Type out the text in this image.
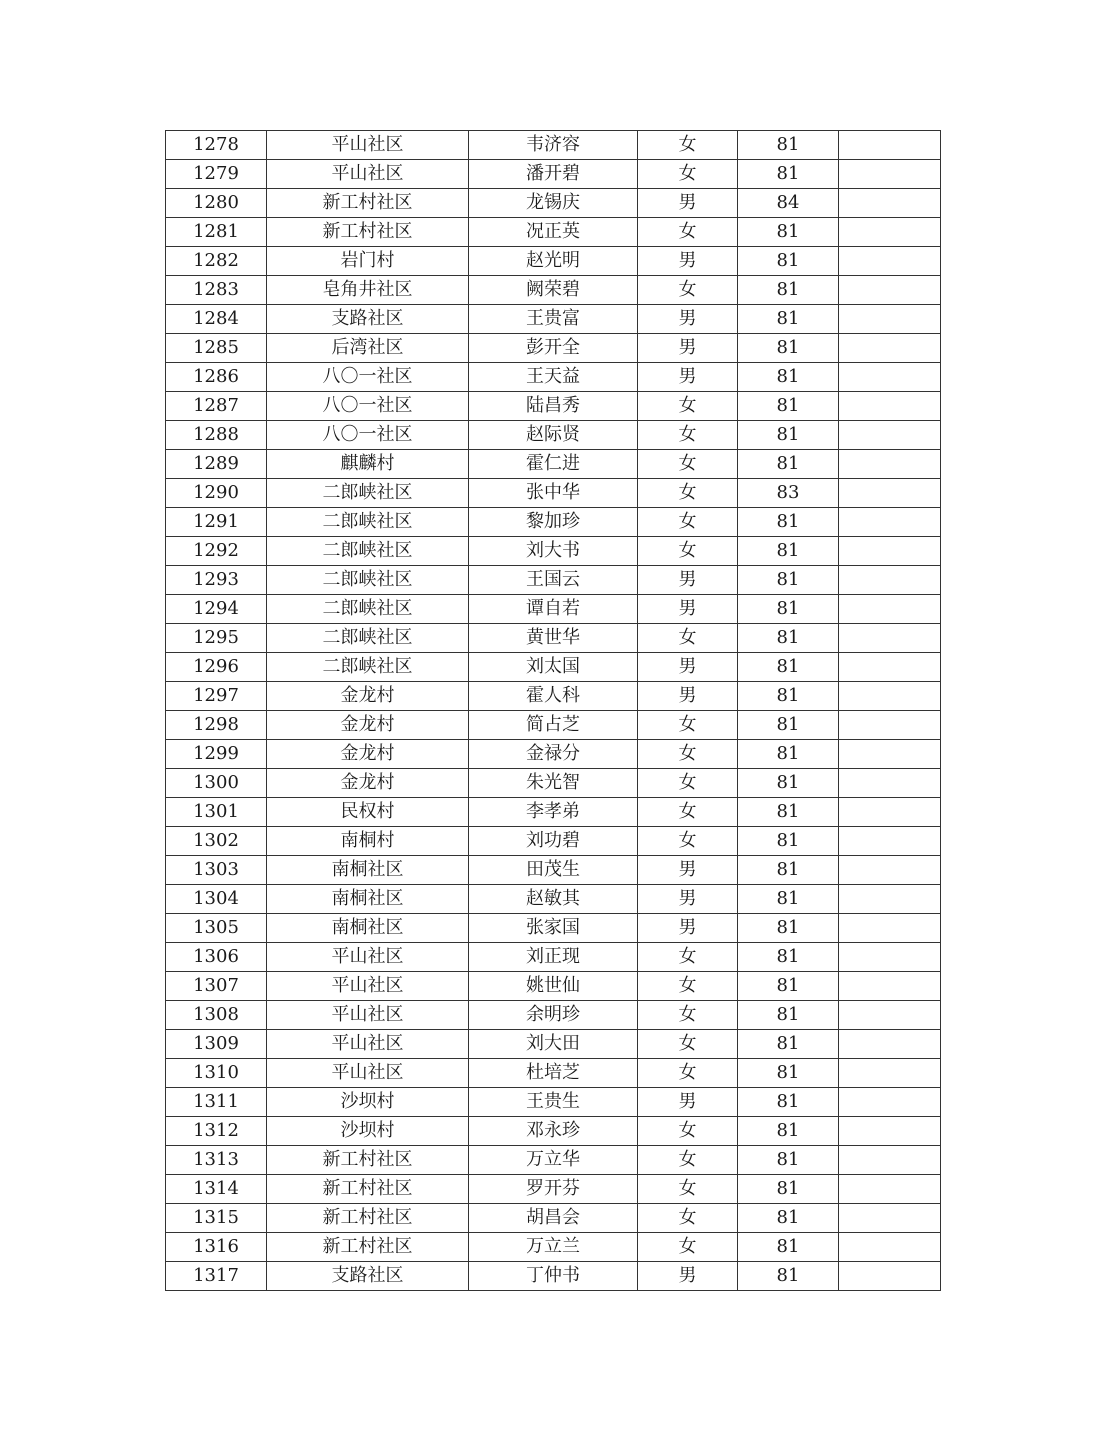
1278	平山社区	韦济容	女	81	
1279	平山社区	潘开碧	女	81	
1280	新工村社区	龙锡庆	男	84	
1281	新工村社区	况正英	女	81	
1282	岩门村	赵光明	男	81	
1283	皂角井社区	阙荣碧	女	81	
1284	支路社区	王贵富	男	81	
1285	后湾社区	彭开全	男	81	
1286	八〇一社区	王天益	男	81	
1287	八〇一社区	陆昌秀	女	81	
1288	八〇一社区	赵际贤	女	81	
1289	麒麟村	霍仁进	女	81	
1290	二郎峡社区	张中华	女	83	
1291	二郎峡社区	黎加珍	女	81	
1292	二郎峡社区	刘大书	女	81	
1293	二郎峡社区	王国云	男	81	
1294	二郎峡社区	谭自若	男	81	
1295	二郎峡社区	黄世华	女	81	
1296	二郎峡社区	刘太国	男	81	
1297	金龙村	霍人科	男	81	
1298	金龙村	简占芝	女	81	
1299	金龙村	金禄分	女	81	
1300	金龙村	朱光智	女	81	
1301	民权村	李孝弟	女	81	
1302	南桐村	刘功碧	女	81	
1303	南桐社区	田茂生	男	81	
1304	南桐社区	赵敏其	男	81	
1305	南桐社区	张家国	男	81	
1306	平山社区	刘正现	女	81	
1307	平山社区	姚世仙	女	81	
1308	平山社区	余明珍	女	81	
1309	平山社区	刘大田	女	81	
1310	平山社区	杜培芝	女	81	
1311	沙坝村	王贵生	男	81	
1312	沙坝村	邓永珍	女	81	
1313	新工村社区	万立华	女	81	
1314	新工村社区	罗开芬	女	81	
1315	新工村社区	胡昌会	女	81	
1316	新工村社区	万立兰	女	81	
1317	支路社区	丁仲书	男	81	
